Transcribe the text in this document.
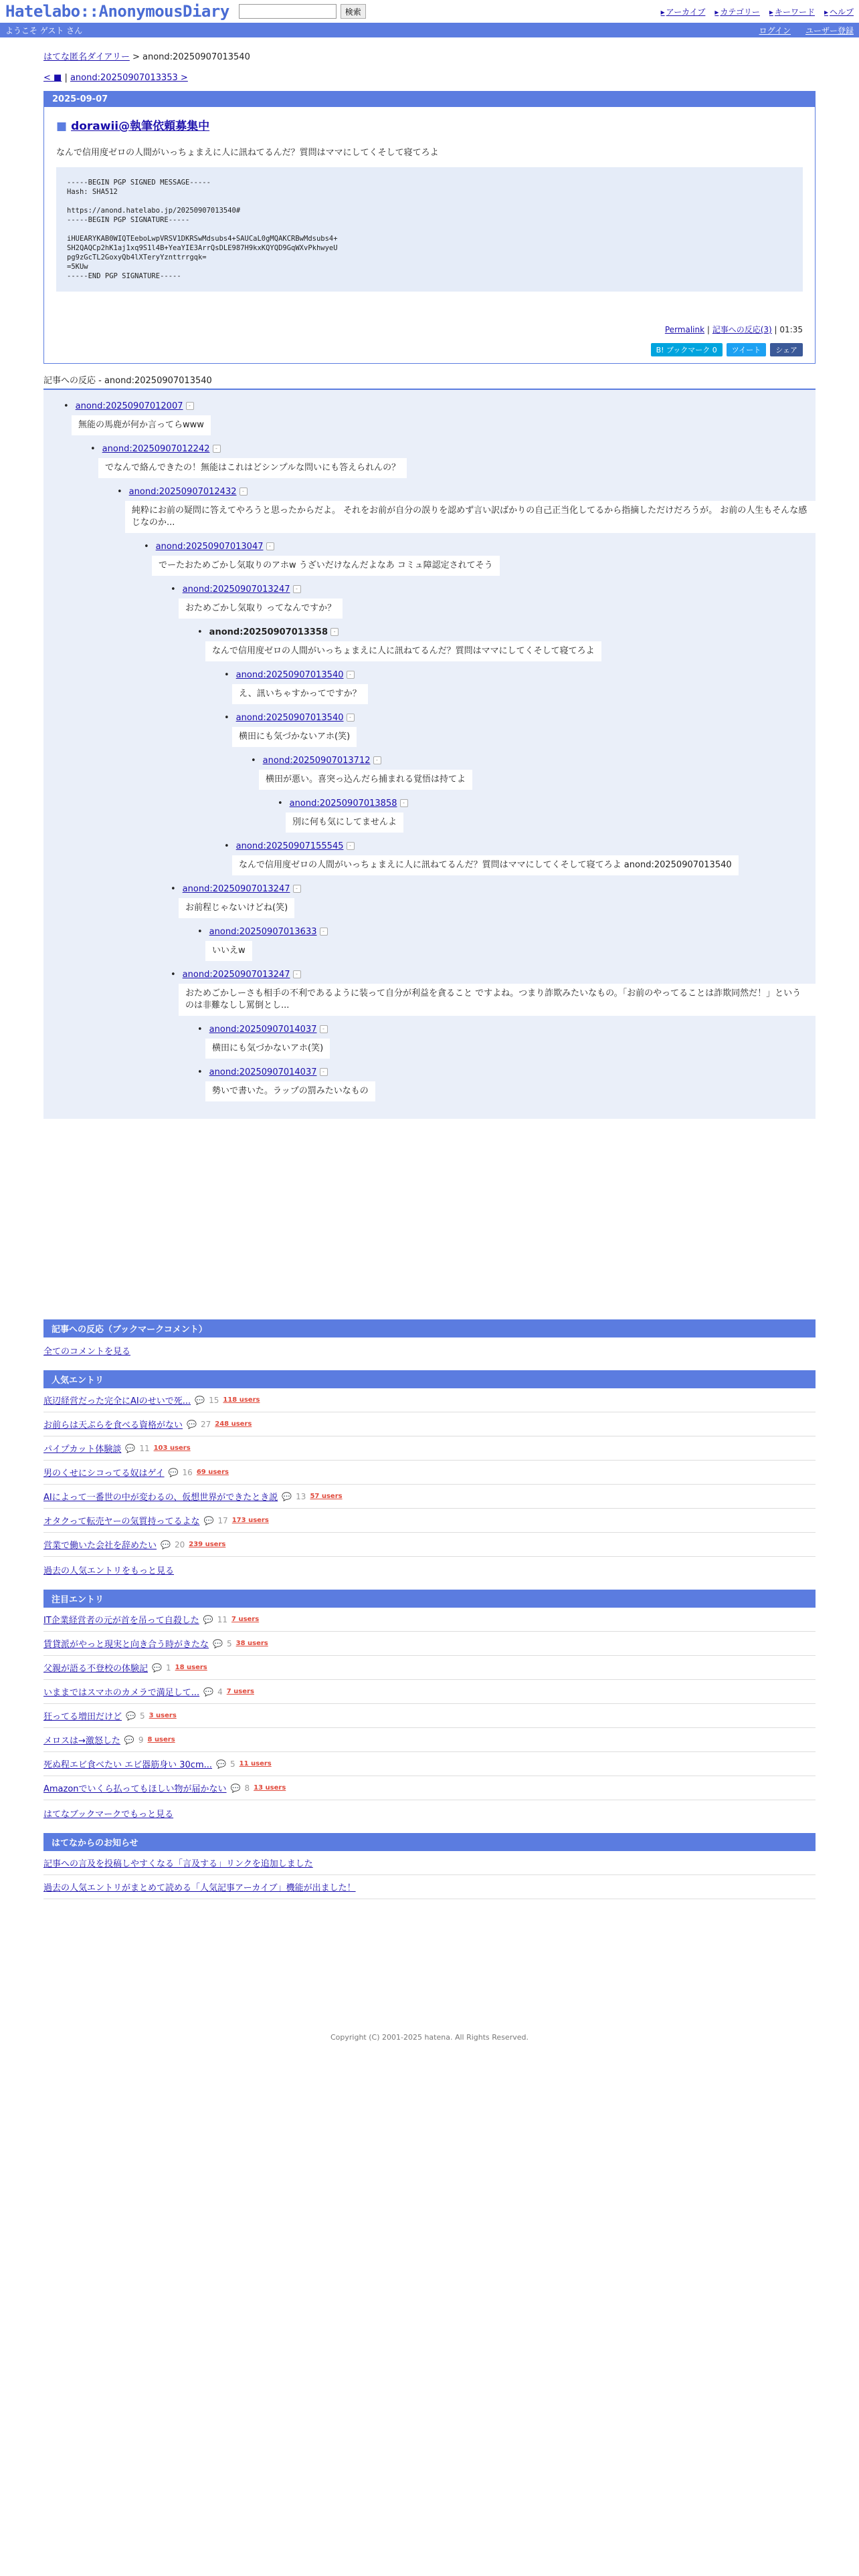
Hatelabo::AnonymousDiary	検索	▸ アーカイブ	▸ カテゴリー	▸ キーワード	▸ ヘルプ
ようこそ ゲスト さん	ログイン ユーザー登録
はてな匿名ダイアリー > anond:20250907013540
< ■ | anond:20250907013353 >
2025-09-07
■ dorawii@執筆依頼募集中

なんで信用度ゼロの人間がいっちょまえに人に訊ねてるんだ？質問はママにしてくそして寝てろよ

-----BEGIN PGP SIGNED MESSAGE-----
Hash: SHA512

https://anond.hatelabo.jp/20250907013540#
-----BEGIN PGP SIGNATURE-----

iHUEARYKAB0WIQTEeboLwpVRSV1DKRSwMdsubs4+SAUCaL0gMQAKCRBwMdsubs4+
SH2QAQCp2hK1aj1xq9S1l4B+YeaYIE3ArrQsDLE987H9kxKQYQD9GqWXvPkhwyeU
pg9zGcTL2GoxyQb4lXTeryYznttrrgqk=
=5KUw
-----END PGP SIGNATURE-----
Permalink | 記事への反応(3) | 01:35
B! ブックマーク 0	ツイート	シェア
記事への反応 - anond:20250907013540
• anond:20250907012007	-
無能の馬鹿が何か言ってらwww
• anond:20250907012242	-
でなんで絡んできたの！無能はこれはどシンプルな問いにも答えられんの？
• anond:20250907012432	-
純粋にお前の疑問に答えてやろうと思ったからだよ。 それをお前が自分の誤りを認めず言い訳ばかりの自己正当化してるから指摘しただけだろうが。 お前の人生もそんな感じなのか...
• anond:20250907013047	-
でーたおためごかし気取りのアホw うざいだけなんだよなあ コミュ障認定されてそう
• anond:20250907013247	-
おためごかし気取り ってなんですか？
• anond:20250907013358	-
なんで信用度ゼロの人間がいっちょまえに人に訊ねてるんだ？質問はママにしてくそして寝てろよ
• anond:20250907013540	-
え、訊いちゃすかってですか？
• anond:20250907013540	-
横田にも気づかないアホ(笑)
• anond:20250907013712	-
横田が悪い。喜突っ込んだら捕まれる覚悟は持てよ
• anond:20250907013858	-
別に何も気にしてませんよ
• anond:20250907155545	-
なんで信用度ゼロの人間がいっちょまえに人に訊ねてるんだ？質問はママにしてくそして寝てろよ anond:20250907013540
• anond:20250907013247	-
お前程じゃないけどね(笑)
• anond:20250907013633	-
いいえw
• anond:20250907013247	-
おためごかしーさも相手の不利であるように装って自分が利益を貪ること ですよね。つまり詐欺みたいなもの。「お前のやってることは詐欺同然だ！」というのは非難なしし罵倒とし...
• anond:20250907014037	-
横田にも気づかないアホ(笑)
• anond:20250907014037	-
勢いで書いた。ラップの罰みたいなもの
記事への反応（ブックマークコメント）
全てのコメントを見る
人気エントリ
底辺経営だった完全にAIのせいで死... 💬 15 118 users
お前らは天ぷらを食べる資格がない 💬 27 248 users
パイプカット体験談 💬 11 103 users
男のくせにシコってる奴はゲイ 💬 16 69 users
AIによって一番世の中が変わるの、仮想世界ができたとき説 💬 13 57 users
オタクって転売ヤーの気質持ってるよな 💬 17 173 users
営業で働いた会社を辞めたい 💬 20 239 users
過去の人気エントリをもっと見る
注目エントリ
IT企業経営者の元が首を吊って自殺した 💬 11 7 users
賃貸派がやっと現実と向き合う時がきたな 💬 5 38 users
父親が語る不登校の体験記 💬 1 18 users
いままではスマホのカメラで満足して... 💬 4 7 users
狂ってる増田だけど 💬 5 3 users
メロスは→激怒した 💬 9 8 users
死ぬ程エビ食べたい エビ器筋身い 30cm... 💬 5 11 users
Amazonでいくら払ってもほしい物が届かない 💬 8 13 users
はてなブックマークでもっと見る
はてなからのお知らせ
記事への言及を投稿しやすくなる「言及する」リンクを追加しました
過去の人気エントリがまとめて読める「人気記事アーカイブ」機能が出ました！
Copyright (C) 2001-2025 hatena. All Rights Reserved.
